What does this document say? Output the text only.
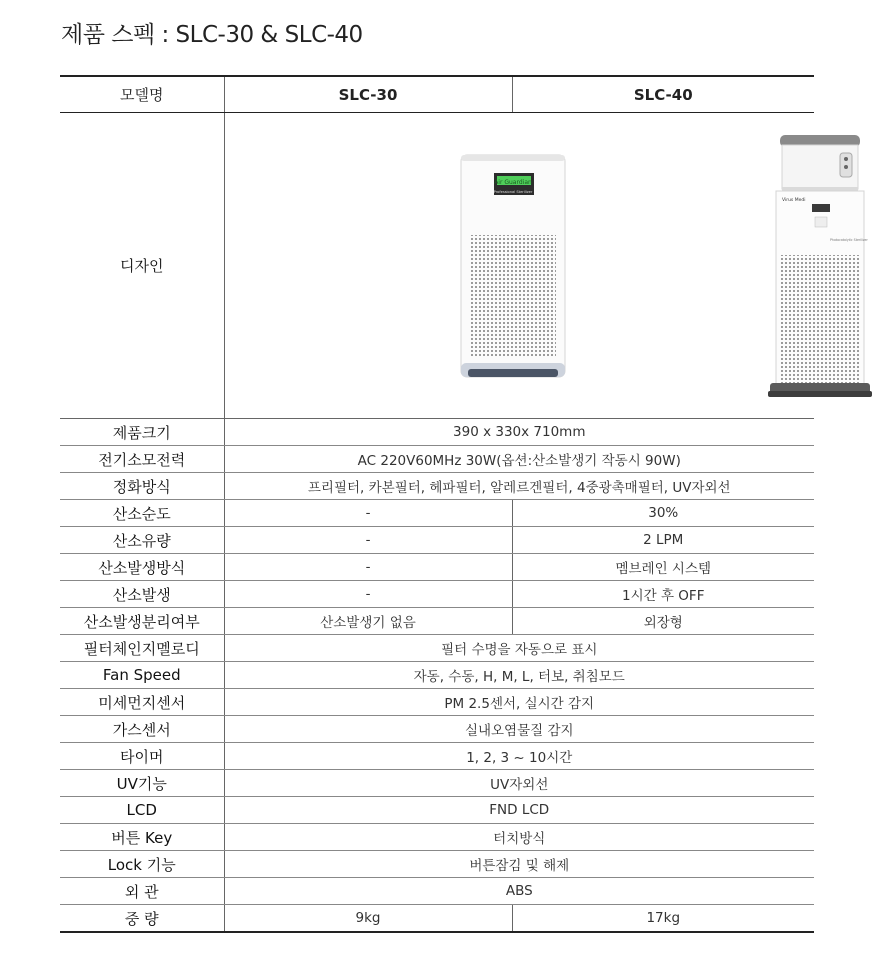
제품 스펙 : SLC-30 & SLC-40
모델명	SLC-30	SLC-40
디자인	Air Guardian
Professional Sterilizer
Virus Medi
Photocatalytic Sterilizer	

제품크기	390 x 330x 710mm	
전기소모전력	AC 220V60MHz 30W(옵션:산소발생기 작동시 90W)	
정화방식	프리필터, 카본필터, 헤파필터, 알레르겐필터, 4중광촉매필터, UV자외선	
산소순도	-	30%
산소유량	-	2 LPM
산소발생방식	-	멤브레인 시스템
산소발생	-	1시간 후 OFF
산소발생분리여부	산소발생기 없음	외장형
필터체인지멜로디	필터 수명을 자동으로 표시	
Fan Speed	자동, 수동, H, M, L, 터보, 취침모드	
미세먼지센서	PM 2.5센서, 실시간 감지	
가스센서	실내오염물질 감지	
타이머	1, 2, 3 ~ 10시간	
UV기능	UV자외선	
LCD	FND LCD	
버튼 Key	터치방식	
Lock 기능	버튼잠김 및 해제	
외 관	ABS	
중 량	9kg	17kg
